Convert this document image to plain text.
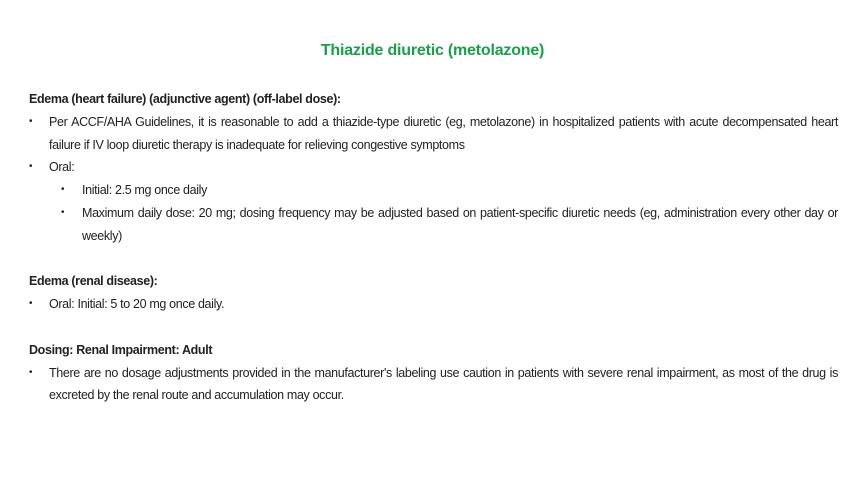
Thiazide diuretic (metolazone)

Edema (heart failure) (adjunctive agent) (off-label dose):

•	Per ACCF/AHA Guidelines, it is reasonable to add a thiazide-type diuretic (eg, metolazone) in hospitalized patients with acute decompensated heart failure if IV loop diuretic therapy is inadequate for relieving congestive symptoms
•	Oral:
•	Initial: 2.5 mg once daily
•	Maximum daily dose: 20 mg; dosing frequency may be adjusted based on patient-specific diuretic needs (eg, administration every other day or weekly)

Edema (renal disease):

•	Oral: Initial: 5 to 20 mg once daily.

Dosing: Renal Impairment: Adult

•	There are no dosage adjustments provided in the manufacturer's labeling use caution in patients with severe renal impairment, as most of the drug is excreted by the renal route and accumulation may occur.
